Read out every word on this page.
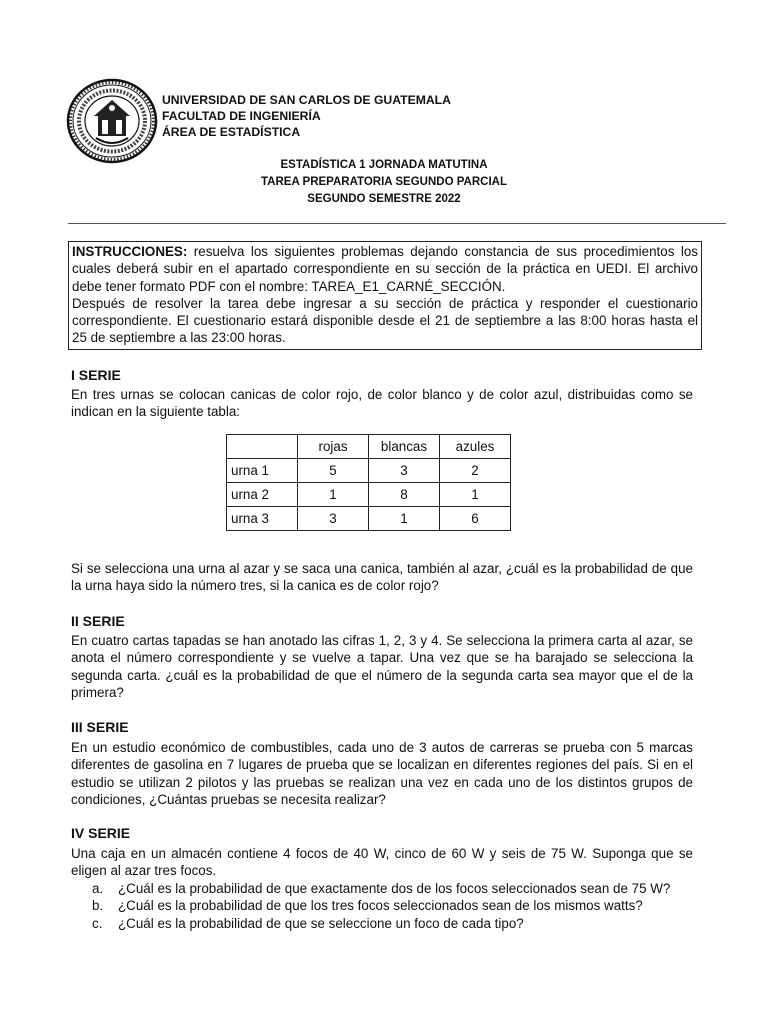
UNIVERSIDAD DE SAN CARLOS DE GUATEMALA
FACULTAD DE INGENIERÍA
ÁREA DE ESTADÍSTICA
ESTADÍSTICA 1 JORNADA MATUTINA
TAREA PREPARATORIA SEGUNDO PARCIAL
SEGUNDO SEMESTRE 2022
INSTRUCCIONES: resuelva los siguientes problemas dejando constancia de sus procedimientos los cuales deberá subir en el apartado correspondiente en su sección de la práctica en UEDI. El archivo debe tener formato PDF con el nombre: TAREA_E1_CARNÉ_SECCIÓN.
Después de resolver la tarea debe ingresar a su sección de práctica y responder el cuestionario correspondiente. El cuestionario estará disponible desde el 21 de septiembre a las 8:00 horas hasta el 25 de septiembre a las 23:00 horas.
I SERIE
En tres urnas se colocan canicas de color rojo, de color blanco y de color azul, distribuidas como se indican en la siguiente tabla:
	rojas	blancas	azules
urna 1	5	3	2
urna 2	1	8	1
urna 3	3	1	6
Si se selecciona una urna al azar y se saca una canica, también al azar, ¿cuál es la probabilidad de que la urna haya sido la número tres, si la canica es de color rojo?
II SERIE
En cuatro cartas tapadas se han anotado las cifras 1, 2, 3 y 4. Se selecciona la primera carta al azar, se anota el número correspondiente y se vuelve a tapar. Una vez que se ha barajado se selecciona la segunda carta. ¿cuál es la probabilidad de que el número de la segunda carta sea mayor que el de la primera?
III SERIE
En un estudio económico de combustibles, cada uno de 3 autos de carreras se prueba con 5 marcas diferentes de gasolina en 7 lugares de prueba que se localizan en diferentes regiones del país. Si en el estudio se utilizan 2 pilotos y las pruebas se realizan una vez en cada uno de los distintos grupos de condiciones, ¿Cuántas pruebas se necesita realizar?
IV SERIE
Una caja en un almacén contiene 4 focos de 40 W, cinco de 60 W y seis de 75 W. Suponga que se eligen al azar tres focos.
a. ¿Cuál es la probabilidad de que exactamente dos de los focos seleccionados sean de 75 W?
b. ¿Cuál es la probabilidad de que los tres focos seleccionados sean de los mismos watts?
c. ¿Cuál es la probabilidad de que se seleccione un foco de cada tipo?
